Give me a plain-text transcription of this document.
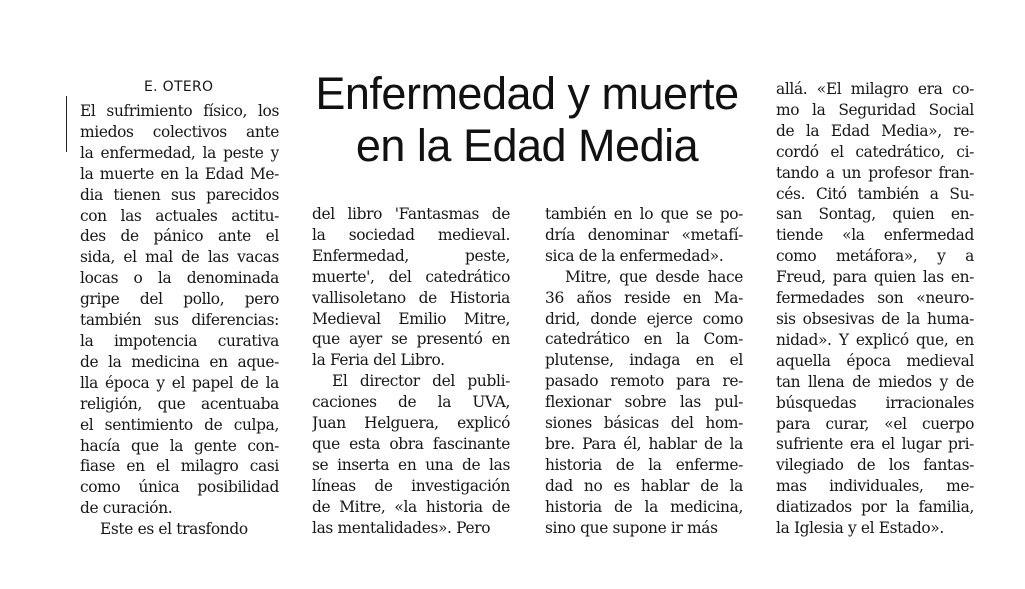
E. OTERO	Enfermedad y muerte
en la Edad Media

El sufrimiento físico, los
miedos colectivos ante
la enfermedad, la peste y
la muerte en la Edad Me-
dia tienen sus parecidos
con las actuales actitu-
des de pánico ante el
sida, el mal de las vacas
locas o la denominada
gripe del pollo, pero
también sus diferencias:
la impotencia curativa
de la medicina en aque-
lla época y el papel de la
religión, que acentuaba
el sentimiento de culpa,
hacía que la gente con-
fiase en el milagro casi
como única posibilidad
de curación.
Este es el trasfondo

del libro 'Fantasmas de
la sociedad medieval.
Enfermedad, peste,
muerte', del catedrático
vallisoletano de Historia
Medieval Emilio Mitre,
que ayer se presentó en
la Feria del Libro.
El director del publi-
caciones de la UVA,
Juan Helguera, explicó
que esta obra fascinante
se inserta en una de las
líneas de investigación
de Mitre, «la historia de
las mentalidades». Pero

también en lo que se po-
dría denominar «metafí-
sica de la enfermedad».
Mitre, que desde hace
36 años reside en Ma-
drid, donde ejerce como
catedrático en la Com-
plutense, indaga en el
pasado remoto para re-
flexionar sobre las pul-
siones básicas del hom-
bre. Para él, hablar de la
historia de la enferme-
dad no es hablar de la
historia de la medicina,
sino que supone ir más

allá. «El milagro era co-
mo la Seguridad Social
de la Edad Media», re-
cordó el catedrático, ci-
tando a un profesor fran-
cés. Citó también a Su-
san Sontag, quien en-
tiende «la enfermedad
como metáfora», y a
Freud, para quien las en-
fermedades son «neuro-
sis obsesivas de la huma-
nidad». Y explicó que, en
aquella época medieval
tan llena de miedos y de
búsquedas irracionales
para curar, «el cuerpo
sufriente era el lugar pri-
vilegiado de los fantas-
mas individuales, me-
diatizados por la familia,
la Iglesia y el Estado».
